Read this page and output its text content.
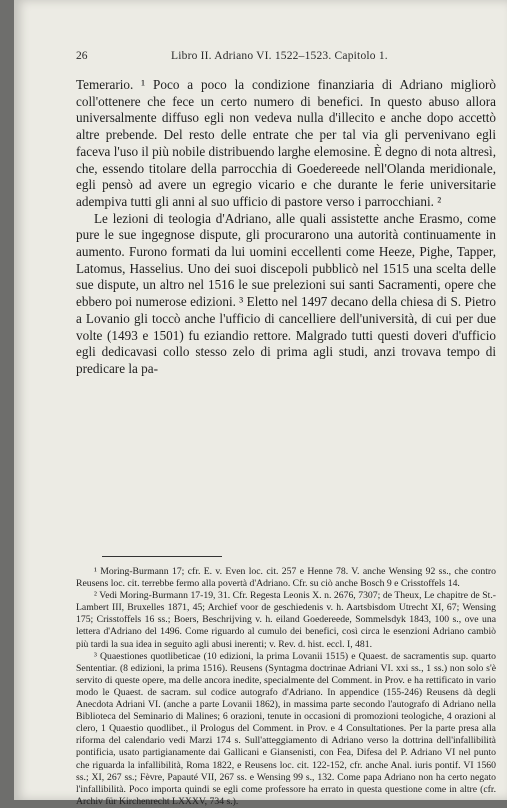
26	Libro II. Adriano VI. 1522–1523. Capitolo 1.

Temerario. ¹ Poco a poco la condizione finanziaria di Adriano migliorò coll'ottenere che fece un certo numero di benefici. In questo abuso allora universalmente diffuso egli non vedeva nulla d'illecito e anche dopo accettò altre prebende. Del resto delle entrate che per tal via gli pervenivano egli faceva l'uso il più nobile distribuendo larghe elemosine. È degno di nota altresì, che, essendo titolare della parrocchia di Goedereede nell'Olanda meridionale, egli pensò ad avere un egregio vicario e che durante le ferie universitarie adempiva tutti gli anni al suo ufficio di pastore verso i parrocchiani. ²

Le lezioni di teologia d'Adriano, alle quali assistette anche Erasmo, come pure le sue ingegnose dispute, gli procurarono una autorità continuamente in aumento. Furono formati da lui uomini eccellenti come Heeze, Pighe, Tapper, Latomus, Hasselius. Uno dei suoi discepoli pubblicò nel 1515 una scelta delle sue dispute, un altro nel 1516 le sue prelezioni sui santi Sacramenti, opere che ebbero poi numerose edizioni. ³ Eletto nel 1497 decano della chiesa di S. Pietro a Lovanio gli toccò anche l'ufficio di cancelliere dell'università, di cui per due volte (1493 e 1501) fu eziandio rettore. Malgrado tutti questi doveri d'ufficio egli dedicavasi collo stesso zelo di prima agli studi, anzi trovava tempo di predicare la pa-

¹ Moring-Burmann 17; cfr. E. v. Even loc. cit. 257 e Henne 78. V. anche Wensing 92 ss., che contro Reusens loc. cit. terrebbe fermo alla povertà d'Adriano. Cfr. su ciò anche Bosch 9 e Crisstoffels 14.

² Vedi Moring-Burmann 17-19, 31. Cfr. Regesta Leonis X. n. 2676, 7307; de Theux, Le chapitre de St.-Lambert III, Bruxelles 1871, 45; Archief voor de geschiedenis v. h. Aartsbisdom Utrecht XI, 67; Wensing 175; Crisstoffels 16 ss.; Boers, Beschrijving v. h. eiland Goedereede, Sommelsdyk 1843, 100 s., ove una lettera d'Adriano del 1496. Come riguardo al cumulo dei benefici, così circa le esenzioni Adriano cambiò più tardi la sua idea in seguito agli abusi inerenti; v. Rev. d. hist. eccl. I, 481.

³ Quaestiones quotlibeticae (10 edizioni, la prima Lovanii 1515) e Quaest. de sacramentis sup. quarto Sententiar. (8 edizioni, la prima 1516). Reusens (Syntagma doctrinae Adriani VI. xxi ss., 1 ss.) non solo s'è servito di queste opere, ma delle ancora inedite, specialmente del Comment. in Prov. e ha rettificato in vario modo le Quaest. de sacram. sul codice autografo d'Adriano. In appendice (155-246) Reusens dà degli Anecdota Adriani VI. (anche a parte Lovanii 1862), in massima parte secondo l'autografo di Adriano nella Biblioteca del Seminario di Malines; 6 orazioni, tenute in occasioni di promozioni teologiche, 4 orazioni al clero, 1 Quaestio quodlibet., il Prologus del Comment. in Prov. e 4 Consultationes. Per la parte presa alla riforma del calendario vedi Marzi 174 s. Sull'atteggiamento di Adriano verso la dottrina dell'infallibilità pontificia, usato partigianamente dai Gallicani e Giansenisti, con Fea, Difesa del P. Adriano VI nel punto che riguarda la infallibilità, Roma 1822, e Reusens loc. cit. 122-152, cfr. anche Anal. iuris pontif. VI 1560 ss.; XI, 267 ss.; Fèvre, Papauté VII, 267 ss. e Wensing 99 s., 132. Come papa Adriano non ha certo negato l'infallibilità. Poco importa quindi se egli come professore ha errato in questa questione come in altre (cfr. Archiv für Kirchenrecht LXXXV, 734 s.).
